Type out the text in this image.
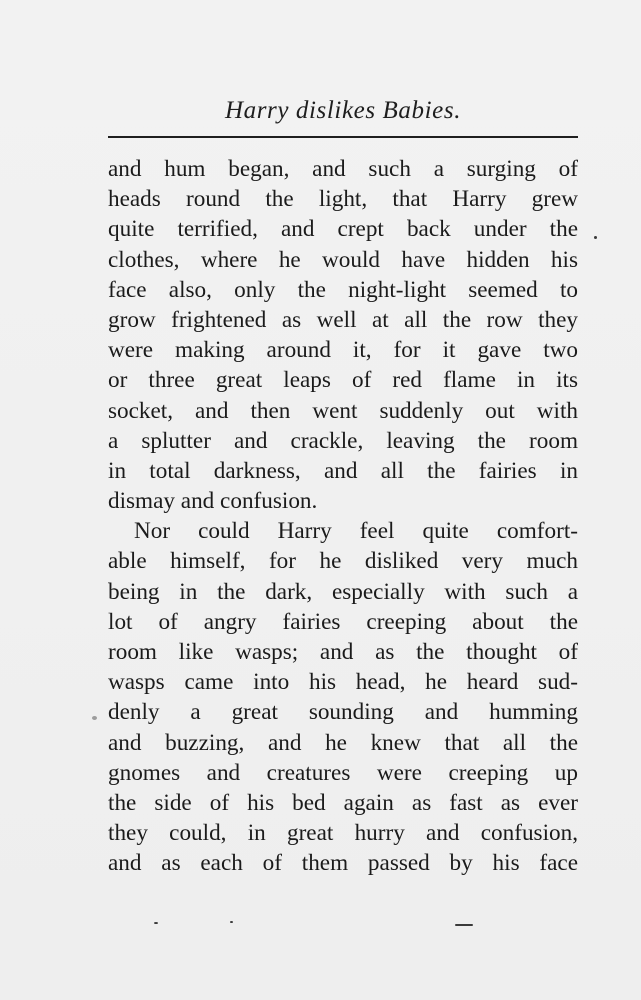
Harry dislikes Babies.
and hum began, and such a surging of
heads round the light, that Harry grew
quite terrified, and crept back under the
clothes, where he would have hidden his
face also, only the night-light seemed to
grow frightened as well at all the row they
were making around it, for it gave two
or three great leaps of red flame in its
socket, and then went suddenly out with
a splutter and crackle, leaving the room
in total darkness, and all the fairies in
dismay and confusion.
Nor could Harry feel quite comfort-
able himself, for he disliked very much
being in the dark, especially with such a
lot of angry fairies creeping about the
room like wasps; and as the thought of
wasps came into his head, he heard sud-
denly a great sounding and humming
and buzzing, and he knew that all the
gnomes and creatures were creeping up
the side of his bed again as fast as ever
they could, in great hurry and confusion,
and as each of them passed by his face
